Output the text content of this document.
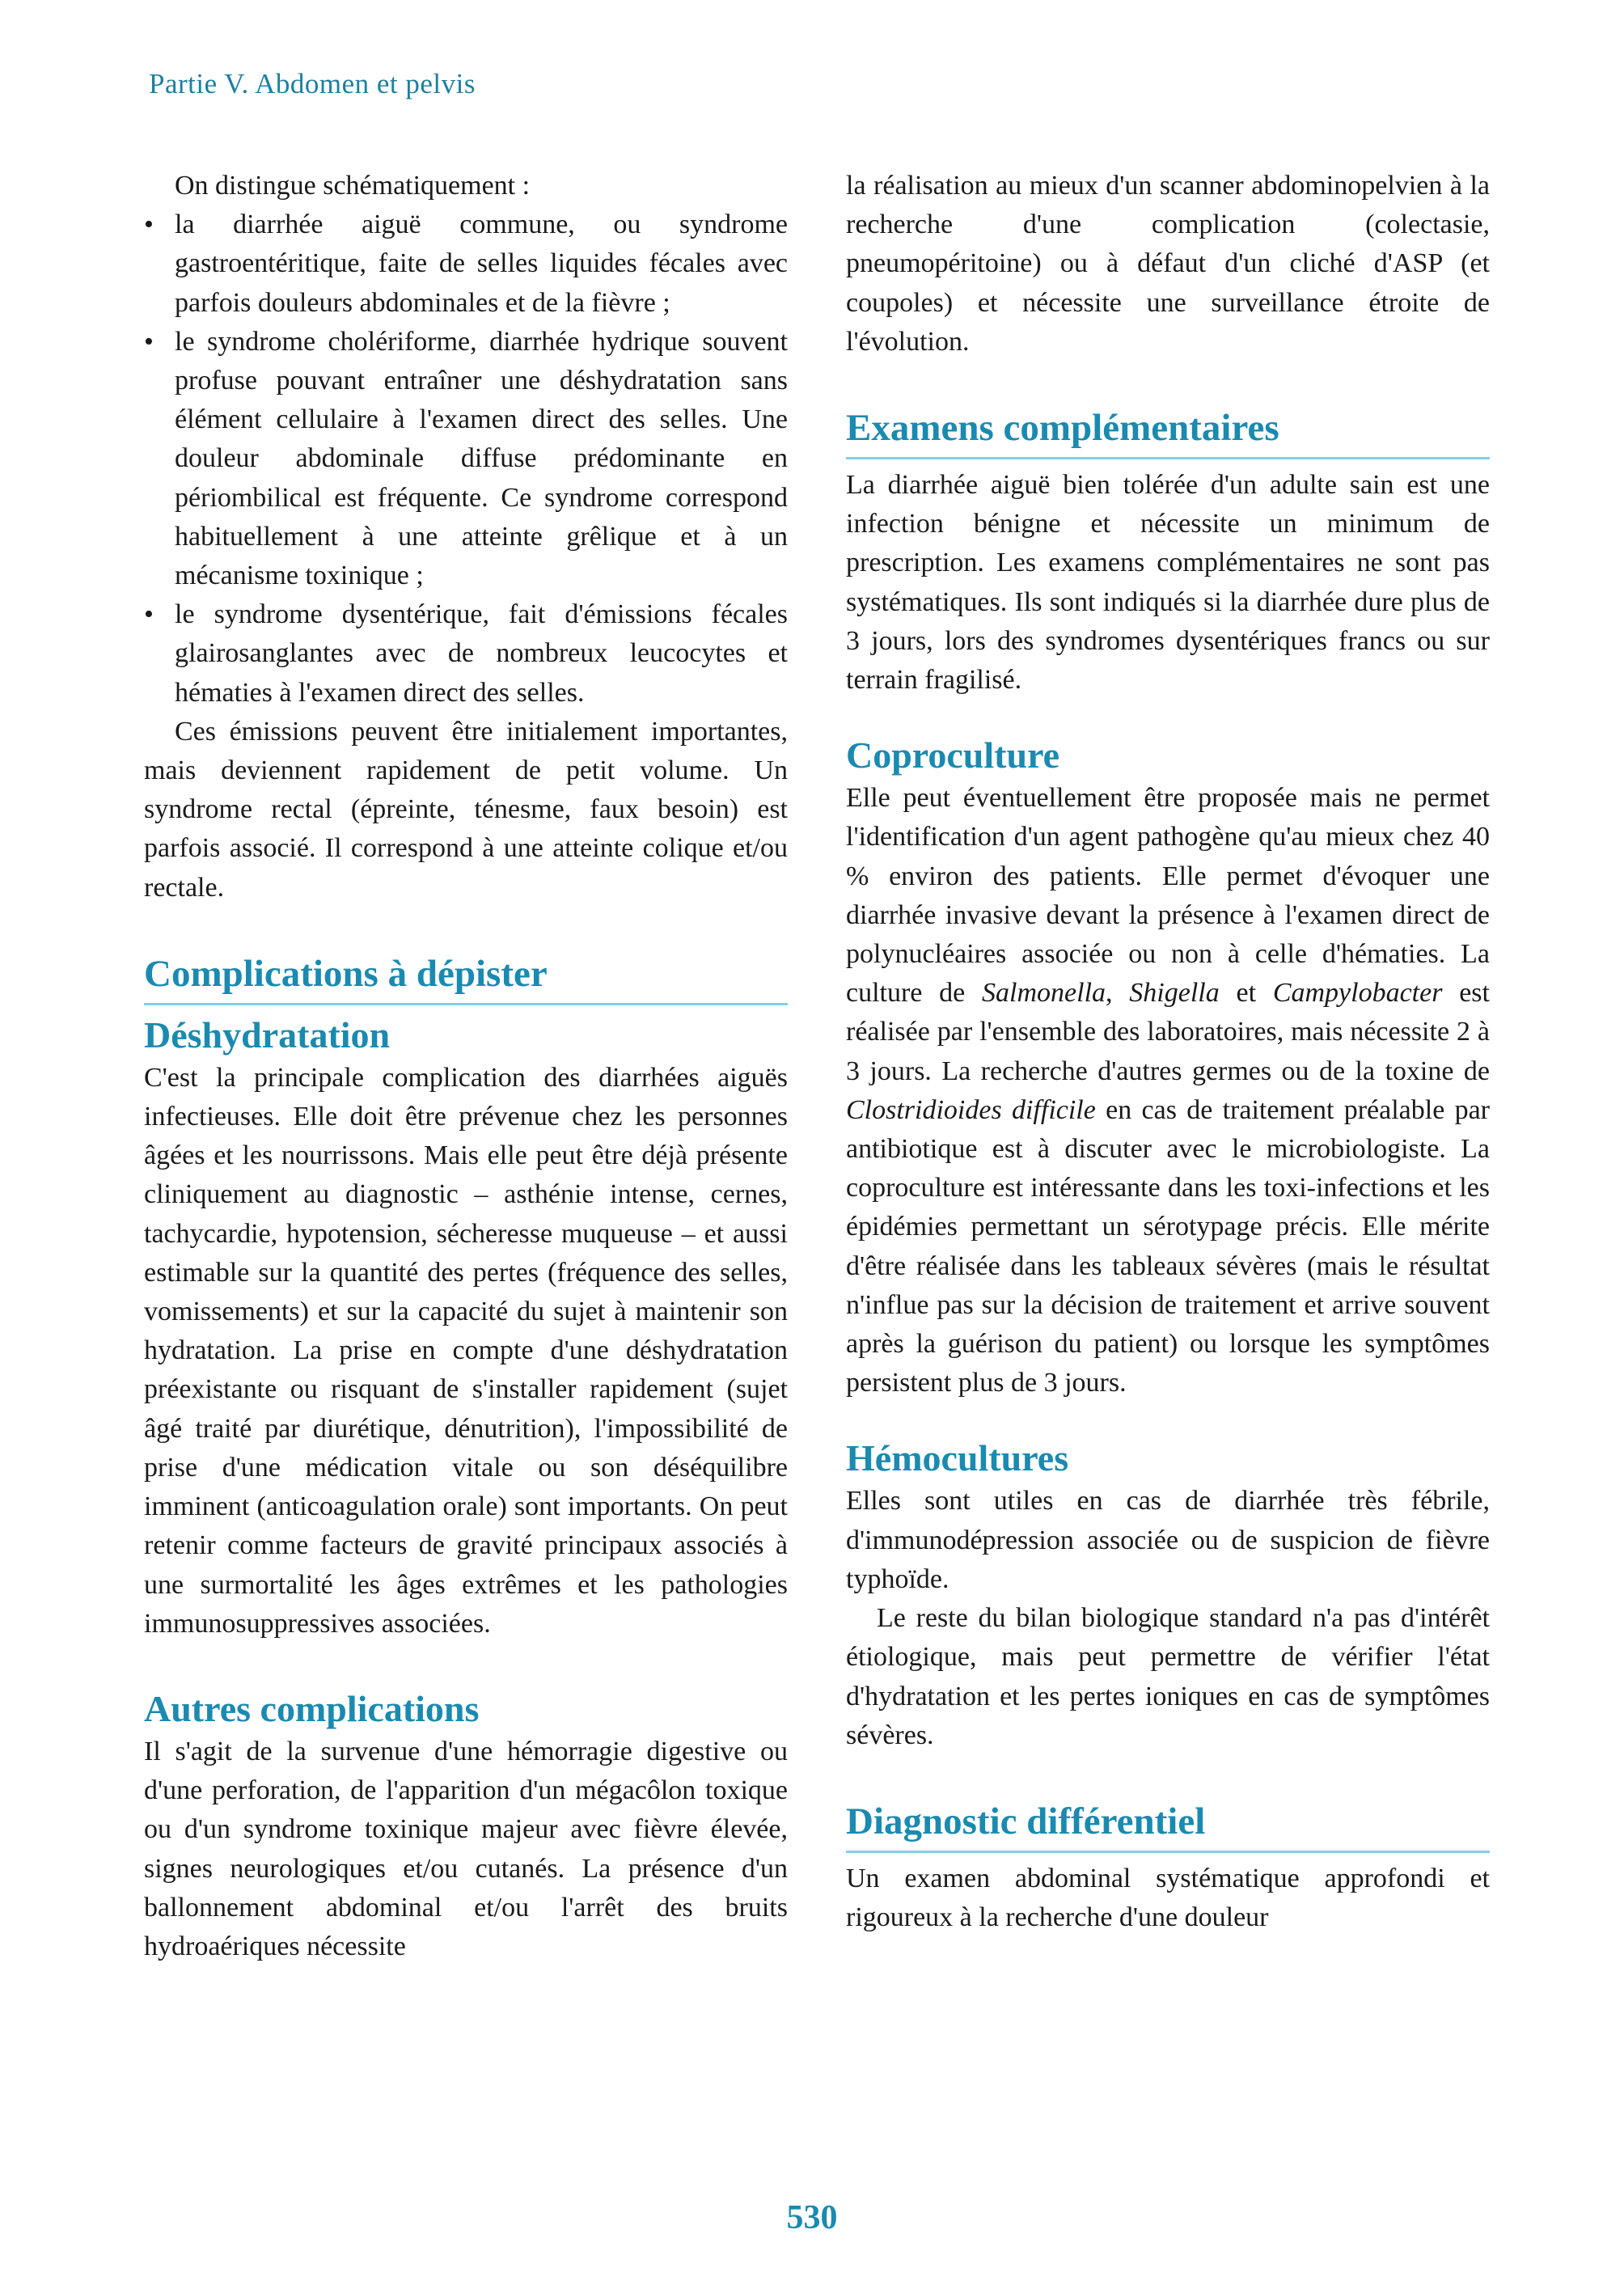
Partie V. Abdomen et pelvis

On distingue schématiquement :

• la diarrhée aiguë commune, ou syndrome gastroentéritique, faite de selles liquides fécales avec parfois douleurs abdominales et de la fièvre ;
• le syndrome cholériforme, diarrhée hydrique souvent profuse pouvant entraîner une déshydratation sans élément cellulaire à l'examen direct des selles. Une douleur abdominale diffuse prédominante en périombilical est fréquente. Ce syndrome correspond habituellement à une atteinte grêlique et à un mécanisme toxinique ;
• le syndrome dysentérique, fait d'émissions fécales glairosanglantes avec de nombreux leucocytes et hématies à l'examen direct des selles.

Ces émissions peuvent être initialement importantes, mais deviennent rapidement de petit volume. Un syndrome rectal (épreinte, ténesme, faux besoin) est parfois associé. Il correspond à une atteinte colique et/ou rectale.

Complications à dépister
Déshydratation

C'est la principale complication des diarrhées aiguës infectieuses. Elle doit être prévenue chez les personnes âgées et les nourrissons. Mais elle peut être déjà présente cliniquement au diagnostic – asthénie intense, cernes, tachycardie, hypotension, sécheresse muqueuse – et aussi estimable sur la quantité des pertes (fréquence des selles, vomissements) et sur la capacité du sujet à maintenir son hydratation. La prise en compte d'une déshydratation préexistante ou risquant de s'installer rapidement (sujet âgé traité par diurétique, dénutrition), l'impossibilité de prise d'une médication vitale ou son déséquilibre imminent (anticoagulation orale) sont importants. On peut retenir comme facteurs de gravité principaux associés à une surmortalité les âges extrêmes et les pathologies immunosuppressives associées.

Autres complications

Il s'agit de la survenue d'une hémorragie digestive ou d'une perforation, de l'apparition d'un mégacôlon toxique ou d'un syndrome toxinique majeur avec fièvre élevée, signes neurologiques et/ou cutanés. La présence d'un ballonnement abdominal et/ou l'arrêt des bruits hydroaériques nécessite

la réalisation au mieux d'un scanner abdominopelvien à la recherche d'une complication (colectasie, pneumopéritoine) ou à défaut d'un cliché d'ASP (et coupoles) et nécessite une surveillance étroite de l'évolution.

Examens complémentaires

La diarrhée aiguë bien tolérée d'un adulte sain est une infection bénigne et nécessite un minimum de prescription. Les examens complémentaires ne sont pas systématiques. Ils sont indiqués si la diarrhée dure plus de 3 jours, lors des syndromes dysentériques francs ou sur terrain fragilisé.

Coproculture

Elle peut éventuellement être proposée mais ne permet l'identification d'un agent pathogène qu'au mieux chez 40 % environ des patients. Elle permet d'évoquer une diarrhée invasive devant la présence à l'examen direct de polynucléaires associée ou non à celle d'hématies. La culture de Salmonella, Shigella et Campylobacter est réalisée par l'ensemble des laboratoires, mais nécessite 2 à 3 jours. La recherche d'autres germes ou de la toxine de Clostridioides difficile en cas de traitement préalable par antibiotique est à discuter avec le microbiologiste. La coproculture est intéressante dans les toxi-infections et les épidémies permettant un sérotypage précis. Elle mérite d'être réalisée dans les tableaux sévères (mais le résultat n'influe pas sur la décision de traitement et arrive souvent après la guérison du patient) ou lorsque les symptômes persistent plus de 3 jours.

Hémocultures

Elles sont utiles en cas de diarrhée très fébrile, d'immunodépression associée ou de suspicion de fièvre typhoïde.

Le reste du bilan biologique standard n'a pas d'intérêt étiologique, mais peut permettre de vérifier l'état d'hydratation et les pertes ioniques en cas de symptômes sévères.

Diagnostic différentiel

Un examen abdominal systématique approfondi et rigoureux à la recherche d'une douleur

530
